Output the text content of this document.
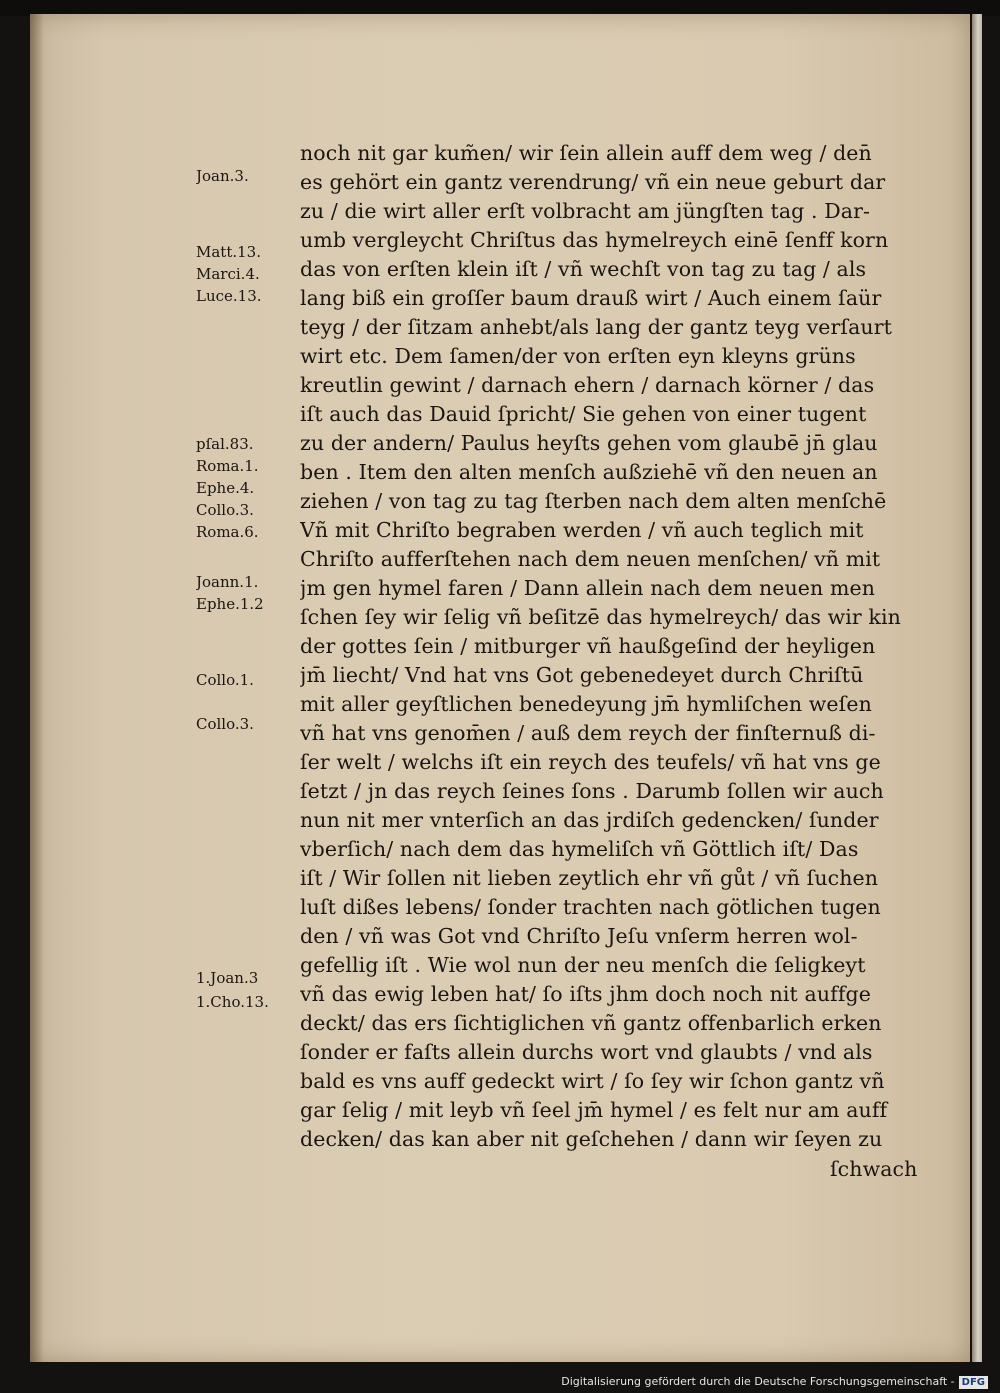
noch nit gar kum̃en/ wir ſein allein auff dem weg / den̄
es gehört ein gantz verendrung/ vñ ein neue geburt dar
zu / die wirt aller erſt volbracht am jüngſten tag . Dar-
umb vergleycht Chriſtus das hymelreych einē ſenff korn
das von erſten klein iſt / vñ wechſt von tag zu tag / als
lang biß ein groſſer baum drauß wirt / Auch einem ſaür
teyg / der ſitzam anhebt/als lang der gantz teyg verſaurt
wirt etc. Dem ſamen/der von erſten eyn kleyns grüns
kreutlin gewint / darnach ehern / darnach körner / das
iſt auch das Dauid ſpricht/ Sie gehen von einer tugent
zu der andern/ Paulus heyſts gehen vom glaubē jn̄ glau
ben . Item den alten menſch außziehē vñ den neuen an
ziehen / von tag zu tag ſterben nach dem alten menſchē
Vñ mit Chriſto begraben werden / vñ auch teglich mit
Chriſto aufferſtehen nach dem neuen menſchen/ vñ mit
jm gen hymel faren / Dann allein nach dem neuen men
ſchen ſey wir ſelig vñ beſitzē das hymelreych/ das wir kin
der gottes ſein / mitburger vñ haußgeſind der heyligen
jm̄ liecht/ Vnd hat vns Got gebenedeyet durch Chriſtū
mit aller geyſtlichen benedeyung jm̄ hymliſchen weſen
vñ hat vns genom̄en / auß dem reych der finſternuß di-
ſer welt / welchs iſt ein reych des teufels/ vñ hat vns ge
ſetzt / jn das reych ſeines ſons . Darumb ſollen wir auch
nun nit mer vnterſich an das jrdiſch gedencken/ ſunder
vberſich/ nach dem das hymeliſch vñ Göttlich iſt/ Das
iſt / Wir ſollen nit lieben zeytlich ehr vñ gůt / vñ ſuchen
luſt dißes lebens/ ſonder trachten nach götlichen tugen
den / vñ was Got vnd Chriſto Jeſu vnſerm herren wol-
gefellig iſt . Wie wol nun der neu menſch die ſeligkeyt
vñ das ewig leben hat/ ſo iſts jhm doch noch nit auffge
deckt/ das ers ſichtiglichen vñ gantz offenbarlich erken
ſonder er faſts allein durchs wort vnd glaubts / vnd als
bald es vns auff gedeckt wirt / ſo ſey wir ſchon gantz vñ
gar ſelig / mit leyb vñ ſeel jm̄ hymel / es felt nur am auff
decken/ das kan aber nit geſchehen / dann wir ſeyen zu
ſchwach
Joan.3.
Matt.13.
Marci.4.
Luce.13.
pſal.83.
Roma.1.
Ephe.4.
Collo.3.
Roma.6.
Joann.1.
Ephe.1.2
Collo.1.
Collo.3.
1.Joan.3
1.Cho.13.
Digitalisierung gefördert durch die Deutsche Forschungsgemeinschaft - DFG
